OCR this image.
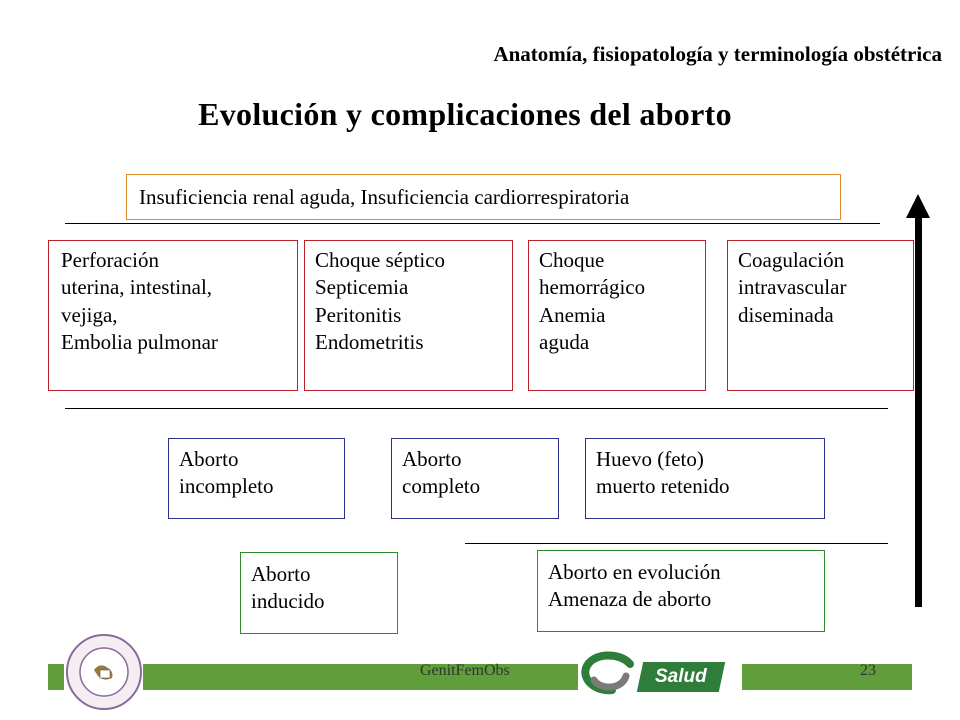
Anatomía, fisiopatología y terminología obstétrica
Evolución y complicaciones del aborto
Insuficiencia renal aguda, Insuficiencia cardiorrespiratoria
Perforación
uterina, intestinal,
vejiga,
Embolia pulmonar
Choque séptico
Septicemia
Peritonitis
Endometritis
Choque
hemorrágico
Anemia
aguda
Coagulación
intravascular
diseminada
Aborto
incompleto
Aborto
completo
Huevo (feto)
muerto retenido
Aborto
inducido
Aborto en evolución
Amenaza de aborto
GenitFemObs	Salud	23
